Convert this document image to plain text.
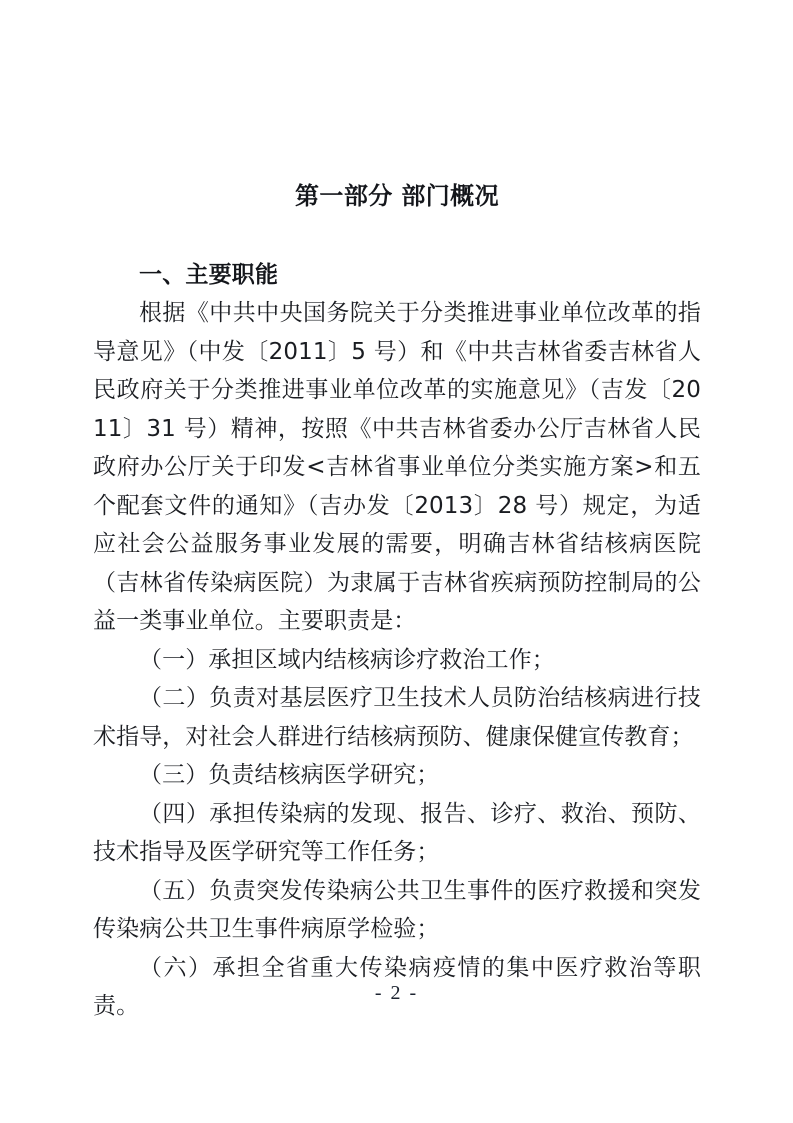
第一部分 部门概况
一、主要职能

根据《中共中央国务院关于分类推进事业单位改革的指导意见》（中发〔2011〕5 号）和《中共吉林省委吉林省人民政府关于分类推进事业单位改革的实施意见》（吉发〔2011〕31 号）精神，按照《中共吉林省委办公厅吉林省人民政府办公厅关于印发<吉林省事业单位分类实施方案>和五个配套文件的通知》（吉办发〔2013〕28 号）规定，为适应社会公益服务事业发展的需要，明确吉林省结核病医院（吉林省传染病医院）为隶属于吉林省疾病预防控制局的公益一类事业单位。主要职责是：

（一）承担区域内结核病诊疗救治工作；

（二）负责对基层医疗卫生技术人员防治结核病进行技术指导，对社会人群进行结核病预防、健康保健宣传教育；

（三）负责结核病医学研究；

（四）承担传染病的发现、报告、诊疗、救治、预防、技术指导及医学研究等工作任务；

（五）负责突发传染病公共卫生事件的医疗救援和突发传染病公共卫生事件病原学检验；

（六）承担全省重大传染病疫情的集中医疗救治等职责。	- 2 -
